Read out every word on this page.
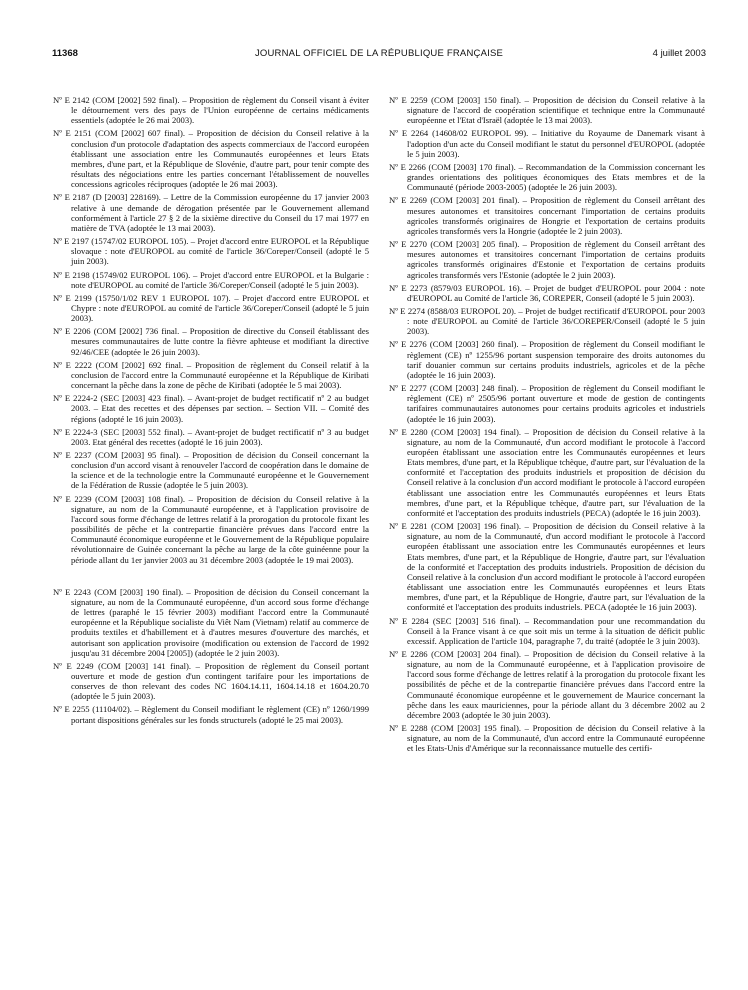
11368	JOURNAL OFFICIEL DE LA RÉPUBLIQUE FRANÇAISE	4 juillet 2003

Nº E 2142 (COM [2002] 592 final). – Proposition de règlement du Conseil visant à éviter le détournement vers des pays de l'Union européenne de certains médicaments essentiels (adoptée le 26 mai 2003).

Nº E 2151 (COM [2002] 607 final). – Proposition de décision du Conseil relative à la conclusion d'un protocole d'adaptation des aspects commerciaux de l'accord européen établissant une association entre les Communautés européennes et leurs Etats membres, d'une part, et la République de Slovénie, d'autre part, pour tenir compte des résultats des négociations entre les parties concernant l'établissement de nouvelles concessions agricoles réciproques (adoptée le 26 mai 2003).

Nº E 2187 (D [2003] 228169). – Lettre de la Commission européenne du 17 janvier 2003 relative à une demande de dérogation présentée par le Gouvernement allemand conformément à l'article 27 § 2 de la sixième directive du Conseil du 17 mai 1977 en matière de TVA (adoptée le 13 mai 2003).

Nº E 2197 (15747/02 EUROPOL 105). – Projet d'accord entre EUROPOL et la République slovaque : note d'EUROPOL au comité de l'article 36/Coreper/Conseil (adopté le 5 juin 2003).

Nº E 2198 (15749/02 EUROPOL 106). – Projet d'accord entre EUROPOL et la Bulgarie : note d'EUROPOL au comité de l'article 36/Coreper/Conseil (adopté le 5 juin 2003).

Nº E 2199 (15750/1/02 REV 1 EUROPOL 107). – Projet d'accord entre EUROPOL et Chypre : note d'EUROPOL au comité de l'article 36/Coreper/Conseil (adopté le 5 juin 2003).

Nº E 2206 (COM [2002] 736 final. – Proposition de directive du Conseil établissant des mesures communautaires de lutte contre la fièvre aphteuse et modifiant la directive 92/46/CEE (adoptée le 26 juin 2003).

Nº E 2222 (COM [2002] 692 final. – Proposition de règlement du Conseil relatif à la conclusion de l'accord entre la Communauté européenne et la République de Kiribati concernant la pêche dans la zone de pêche de Kiribati (adoptée le 5 mai 2003).

Nº E 2224-2 (SEC [2003] 423 final). – Avant-projet de budget rectificatif nº 2 au budget 2003. – Etat des recettes et des dépenses par section. – Section VII. – Comité des régions (adopté le 16 juin 2003).

Nº E 2224-3 (SEC [2003] 552 final). – Avant-projet de budget rectificatif nº 3 au budget 2003. Etat général des recettes (adopté le 16 juin 2003).

Nº E 2237 (COM [2003] 95 final). – Proposition de décision du Conseil concernant la conclusion d'un accord visant à renouveler l'accord de coopération dans le domaine de la science et de la technologie entre la Communauté européenne et le Gouvernement de la Fédération de Russie (adoptée le 5 juin 2003).

Nº E 2239 (COM [2003] 108 final). – Proposition de décision du Conseil relative à la signature, au nom de la Communauté européenne, et à l'application provisoire de l'accord sous forme d'échange de lettres relatif à la prorogation du protocole fixant les possibilités de pêche et la contrepartie financière prévues dans l'accord entre la Communauté économique européenne et le Gouvernement de la République populaire révolutionnaire de Guinée concernant la pêche au large de la côte guinéenne pour la période allant du 1er janvier 2003 au 31 décembre 2003 (adoptée le 19 mai 2003).

Nº E 2243 (COM [2003] 190 final). – Proposition de décision du Conseil concernant la signature, au nom de la Communauté européenne, d'un accord sous forme d'échange de lettres (paraphé le 15 février 2003) modifiant l'accord entre la Communauté européenne et la République socialiste du Viêt Nam (Vietnam) relatif au commerce de produits textiles et d'habillement et à d'autres mesures d'ouverture des marchés, et autorisant son application provisoire (modification ou extension de l'accord de 1992 jusqu'au 31 décembre 2004 [2005]) (adoptée le 2 juin 2003).

Nº E 2249 (COM [2003] 141 final). – Proposition de règlement du Conseil portant ouverture et mode de gestion d'un contingent tarifaire pour les importations de conserves de thon relevant des codes NC 1604.14.11, 1604.14.18 et 1604.20.70 (adoptée le 5 juin 2003).

Nº E 2255 (11104/02). – Règlement du Conseil modifiant le règlement (CE) nº 1260/1999 portant dispositions générales sur les fonds structurels (adopté le 25 mai 2003).

Nº E 2259 (COM [2003] 150 final). – Proposition de décision du Conseil relative à la signature de l'accord de coopération scientifique et technique entre la Communauté européenne et l'Etat d'Israël (adoptée le 13 mai 2003).

Nº E 2264 (14608/02 EUROPOL 99). – Initiative du Royaume de Danemark visant à l'adoption d'un acte du Conseil modifiant le statut du personnel d'EUROPOL (adoptée le 5 juin 2003).

Nº E 2266 (COM [2003] 170 final). – Recommandation de la Commission concernant les grandes orientations des politiques économiques des Etats membres et de la Communauté (période 2003-2005) (adoptée le 26 juin 2003).

Nº E 2269 (COM [2003] 201 final). – Proposition de règlement du Conseil arrêtant des mesures autonomes et transitoires concernant l'importation de certains produits agricoles transformés originaires de Hongrie et l'exportation de certains produits agricoles transformés vers la Hongrie (adoptée le 2 juin 2003).

Nº E 2270 (COM [2003] 205 final). – Proposition de règlement du Conseil arrêtant des mesures autonomes et transitoires concernant l'importation de certains produits agricoles transformés originaires d'Estonie et l'exportation de certains produits agricoles transformés vers l'Estonie (adoptée le 2 juin 2003).

Nº E 2273 (8579/03 EUROPOL 16). – Projet de budget d'EUROPOL pour 2004 : note d'EUROPOL au Comité de l'article 36, COREPER, Conseil (adopté le 5 juin 2003).

Nº E 2274 (8588/03 EUROPOL 20). – Projet de budget rectificatif d'EUROPOL pour 2003 : note d'EUROPOL au Comité de l'article 36/COREPER/Conseil (adopté le 5 juin 2003).

Nº E 2276 (COM [2003] 260 final). – Proposition de règlement du Conseil modifiant le règlement (CE) nº 1255/96 portant suspension temporaire des droits autonomes du tarif douanier commun sur certains produits industriels, agricoles et de la pêche (adoptée le 16 juin 2003).

Nº E 2277 (COM [2003] 248 final). – Proposition de règlement du Conseil modifiant le règlement (CE) nº 2505/96 portant ouverture et mode de gestion de contingents tarifaires communautaires autonomes pour certains produits agricoles et industriels (adoptée le 16 juin 2003).

Nº E 2280 (COM [2003] 194 final). – Proposition de décision du Conseil relative à la signature, au nom de la Communauté, d'un accord modifiant le protocole à l'accord européen établissant une association entre les Communautés européennes et leurs Etats membres, d'une part, et la République tchèque, d'autre part, sur l'évaluation de la conformité et l'acceptation des produits industriels et proposition de décision du Conseil relative à la conclusion d'un accord modifiant le protocole à l'accord européen établissant une association entre les Communautés européennes et leurs Etats membres, d'une part, et la République tchèque, d'autre part, sur l'évaluation de la conformité et l'acceptation des produits industriels (PECA) (adoptée le 16 juin 2003).

Nº E 2281 (COM [2003] 196 final). – Proposition de décision du Conseil relative à la signature, au nom de la Communauté, d'un accord modifiant le protocole à l'accord européen établissant une association entre les Communautés européennes et leurs Etats membres, d'une part, et la République de Hongrie, d'autre part, sur l'évaluation de la conformité et l'acceptation des produits industriels. Proposition de décision du Conseil relative à la conclusion d'un accord modifiant le protocole à l'accord européen établissant une association entre les Communautés européennes et leurs Etats membres, d'une part, et la République de Hongrie, d'autre part, sur l'évaluation de la conformité et l'acceptation des produits industriels. PECA (adoptée le 16 juin 2003).

Nº E 2284 (SEC [2003] 516 final). – Recommandation pour une recommandation du Conseil à la France visant à ce que soit mis un terme à la situation de déficit public excessif. Application de l'article 104, paragraphe 7, du traité (adoptée le 3 juin 2003).

Nº E 2286 (COM [2003] 204 final). – Proposition de décision du Conseil relative à la signature, au nom de la Communauté européenne, et à l'application provisoire de l'accord sous forme d'échange de lettres relatif à la prorogation du protocole fixant les possibilités de pêche et de la contrepartie financière prévues dans l'accord entre la Communauté économique européenne et le gouvernement de Maurice concernant la pêche dans les eaux mauriciennes, pour la période allant du 3 décembre 2002 au 2 décembre 2003 (adoptée le 30 juin 2003).

Nº E 2288 (COM [2003] 195 final). – Proposition de décision du Conseil relative à la signature, au nom de la Communauté, d'un accord entre la Communauté européenne et les Etats-Unis d'Amérique sur la reconnaissance mutuelle des certifi-
